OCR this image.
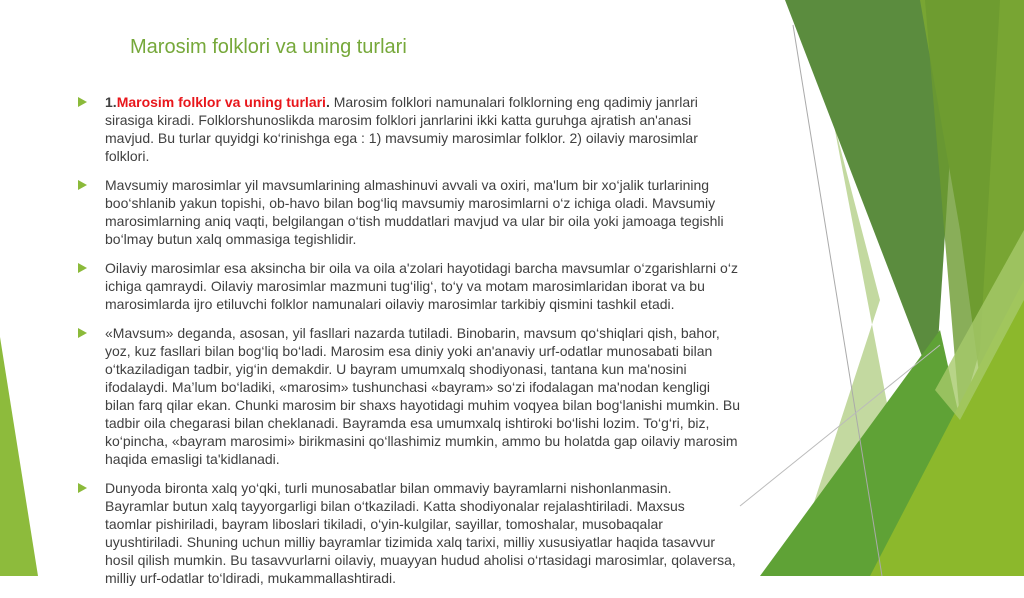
Marosim folklori va uning turlari
1.Marosim folklor va uning turlari. Marosim folklori namunalari folklorning eng qadimiy janrlari
sirasiga kiradi. Folklorshunoslikda marosim folklori janrlarini ikki katta guruhga ajratish an'anasi
mavjud. Bu turlar quyidgi ko‘rinishga ega : 1) mavsumiy marosimlar folklor. 2) oilaviy marosimlar
folklori.
Mavsumiy marosimlar yil mavsumlarining almashinuvi avvali va oxiri, ma'lum bir xo‘jalik turlarining
boo‘shlanib yakun topishi, ob-havo bilan bog‘liq mavsumiy marosimlarni o‘z ichiga oladi. Mavsumiy
marosimlarning aniq vaqti, belgilangan o‘tish muddatlari mavjud va ular bir oila yoki jamoaga tegishli
bo‘lmay butun xalq ommasiga tegishlidir.
Oilaviy marosimlar esa aksincha bir oila va oila a'zolari hayotidagi barcha mavsumlar o‘zgarishlarni o‘z
ichiga qamraydi. Oilaviy marosimlar mazmuni tug‘ilig‘, to‘y va motam marosimlaridan iborat va bu
marosimlarda ijro etiluvchi folklor namunalari oilaviy marosimlar tarkibiy qismini tashkil etadi.
«Mavsum» deganda, asosan, yil fasllari nazarda tutiladi. Binobarin, mavsum qo‘shiqlari qish, bahor,
yoz, kuz fasllari bilan bog‘liq bo‘ladi. Marosim esa diniy yoki an'anaviy urf-odatlar munosabati bilan
o‘tkaziladigan tadbir, yig‘in demakdir. U bayram umumxalq shodiyonasi, tantana kun ma'nosini
ifodalaydi. Ma’lum bo‘ladiki, «marosim» tushunchasi «bayram» so‘zi ifodalagan ma'nodan kengligi
bilan farq qilar ekan. Chunki marosim bir shaxs hayotidagi muhim voqyea bilan bog‘lanishi mumkin. Bu
tadbir oila chegarasi bilan cheklanadi. Bayramda esa umumxalq ishtiroki bo‘lishi lozim. To‘g‘ri, biz,
ko‘pincha, «bayram marosimi» birikmasini qo‘llashimiz mumkin, ammo bu holatda gap oilaviy marosim
haqida emasligi ta'kidlanadi.
Dunyoda bironta xalq yo‘qki, turli munosabatlar bilan ommaviy bayramlarni nishonlanmasin.
Bayramlar butun xalq tayyorgarligi bilan o‘tkaziladi. Katta shodiyonalar rejalashtiriladi. Maxsus
taomlar pishiriladi, bayram liboslari tikiladi, o‘yin-kulgilar, sayillar, tomoshalar, musobaqalar
uyushtiriladi. Shuning uchun milliy bayramlar tizimida xalq tarixi, milliy xususiyatlar haqida tasavvur
hosil qilish mumkin. Bu tasavvurlarni oilaviy, muayyan hudud aholisi o‘rtasidagi marosimlar, qolaversa,
milliy urf-odatlar to‘ldiradi, mukammallashtiradi.
